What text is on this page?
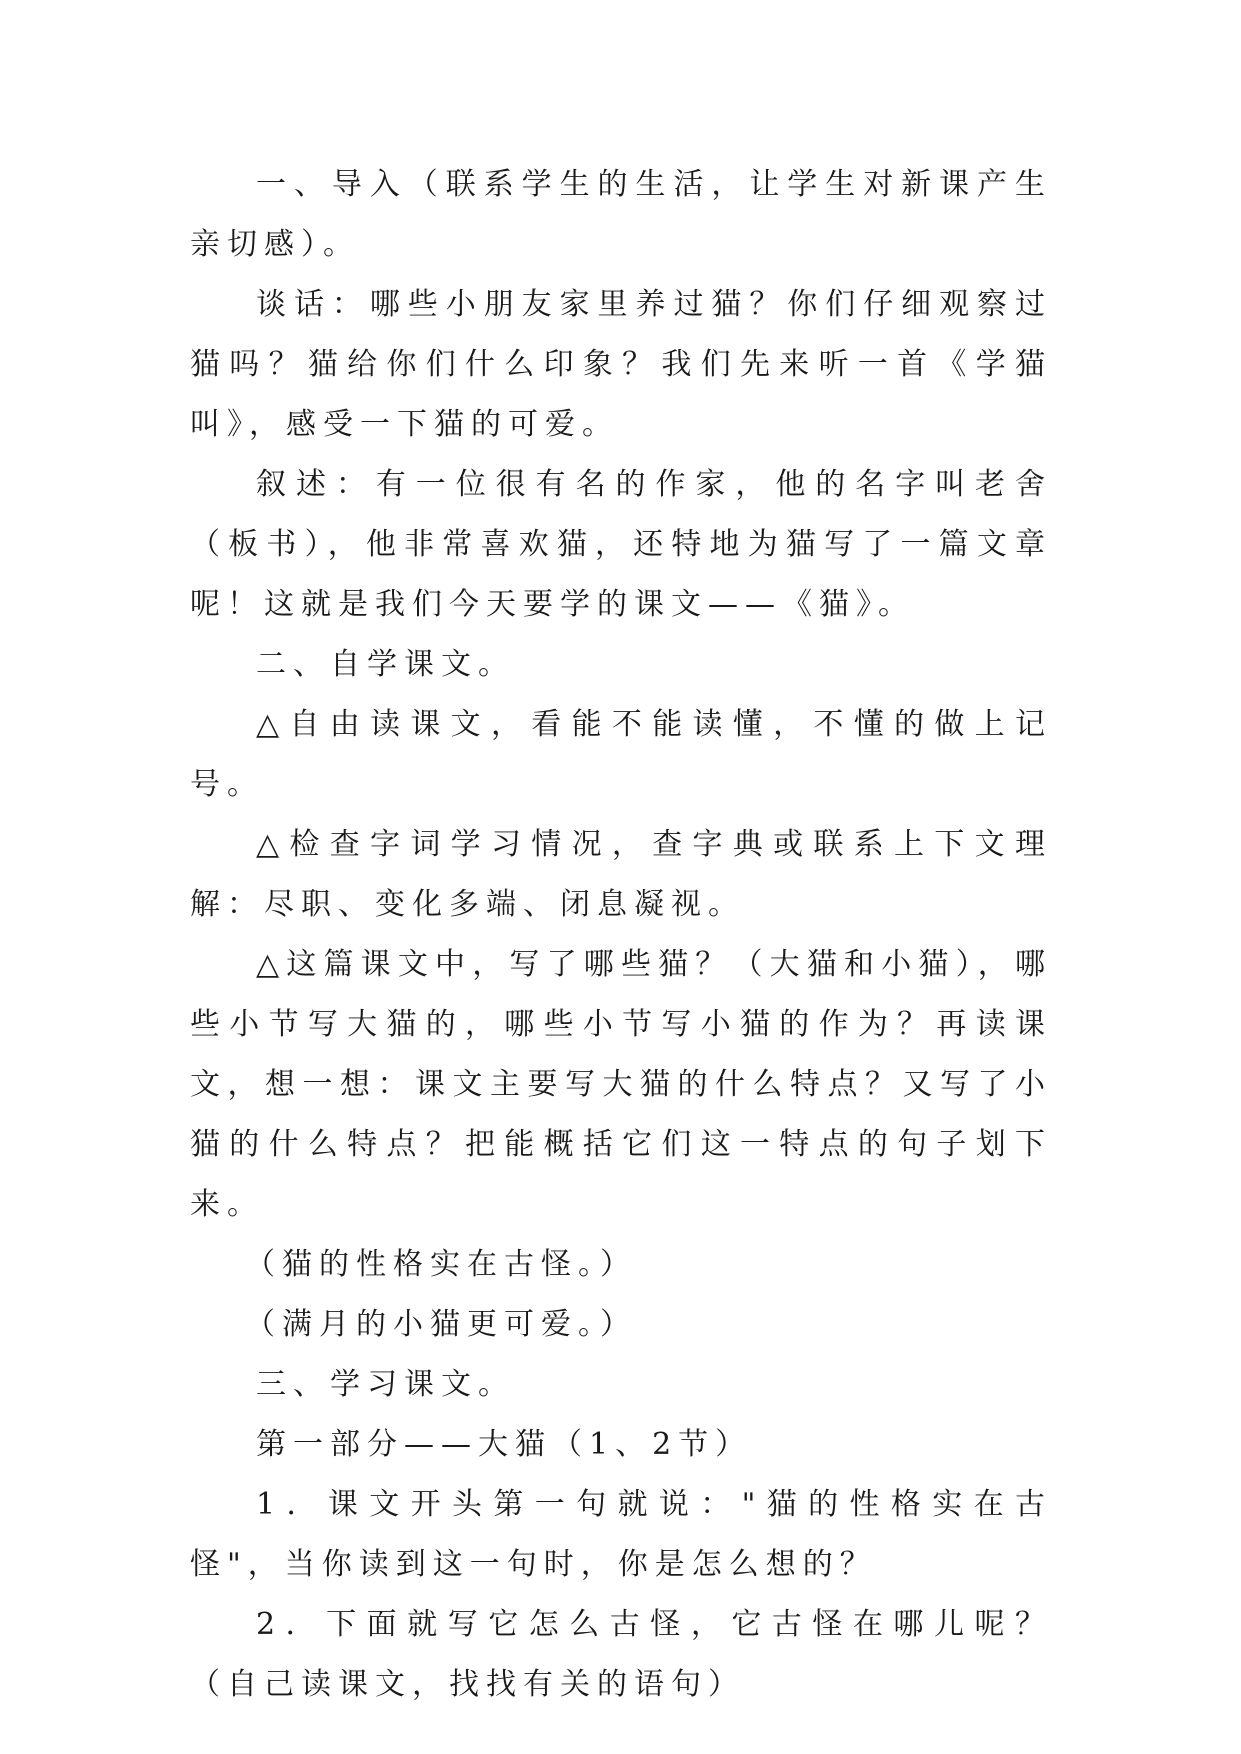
一、导入（联系学生的生活，让学生对新课产生亲切感）。

谈话：哪些小朋友家里养过猫？你们仔细观察过猫吗？猫给你们什么印象？我们先来听一首《学猫叫》，感受一下猫的可爱。

叙述：有一位很有名的作家，他的名字叫老舍（板书），他非常喜欢猫，还特地为猫写了一篇文章呢！这就是我们今天要学的课文——《猫》。

二、自学课文。

△自由读课文，看能不能读懂，不懂的做上记号。

△检查字词学习情况，查字典或联系上下文理解：尽职、变化多端、闭息凝视。

△这篇课文中，写了哪些猫？（大猫和小猫），哪些小节写大猫的，哪些小节写小猫的作为？再读课文，想一想：课文主要写大猫的什么特点？又写了小猫的什么特点？把能概括它们这一特点的句子划下来。

（猫的性格实在古怪。）

（满月的小猫更可爱。）

三、学习课文。

第一部分——大猫（1、2节）

1．课文开头第一句就说："猫的性格实在古怪"，当你读到这一句时，你是怎么想的？

2．下面就写它怎么古怪，它古怪在哪儿呢？（自己读课文，找找有关的语句）
